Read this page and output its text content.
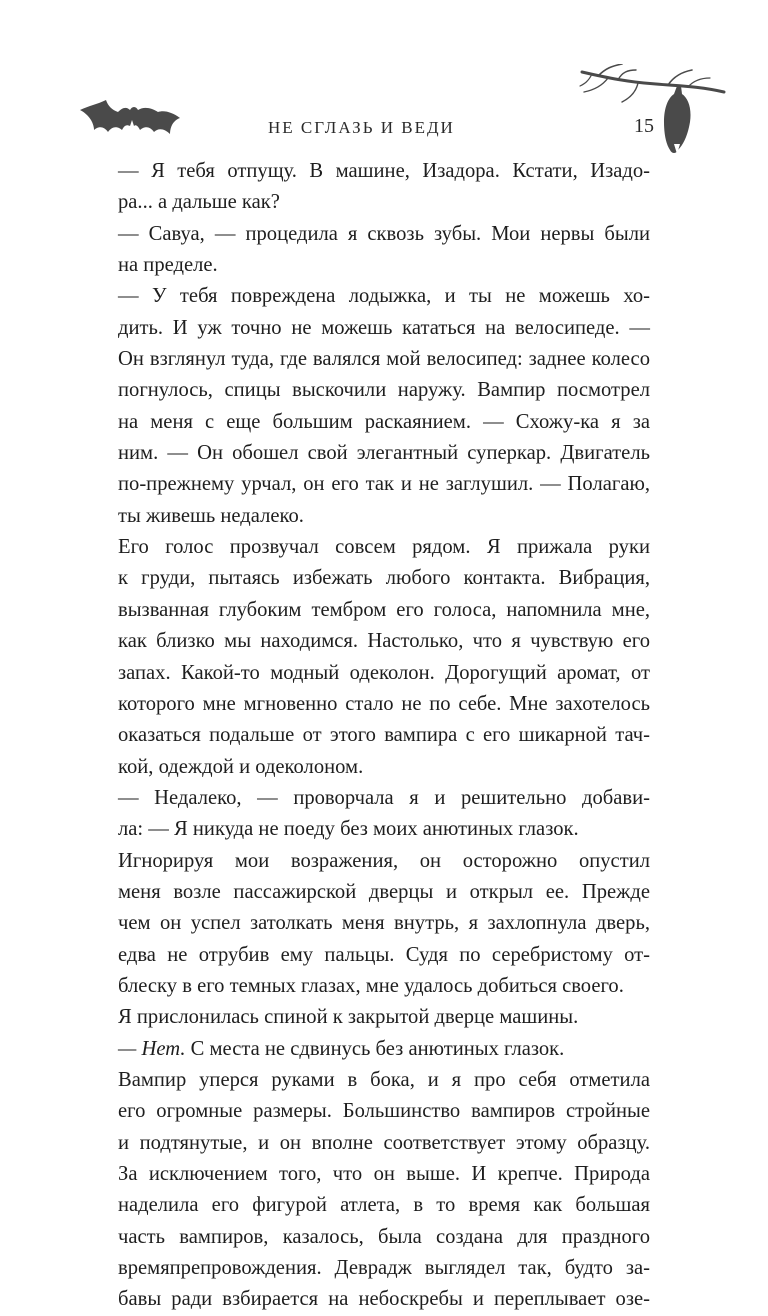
НЕ СГЛАЗЬ И ВЕДИ	15
— Я тебя отпущу. В машине, Изадора. Кстати, Изадо-
ра... а дальше как?
— Савуа, — процедила я сквозь зубы. Мои нервы были
на пределе.
— У тебя повреждена лодыжка, и ты не можешь хо-
дить. И уж точно не можешь кататься на велосипеде. —
Он взглянул туда, где валялся мой велосипед: заднее колесо
погнулось, спицы выскочили наружу. Вампир посмотрел
на меня с еще большим раскаянием. — Схожу-ка я за
ним. — Он обошел свой элегантный суперкар. Двигатель
по-прежнему урчал, он его так и не заглушил. — Полагаю,
ты живешь недалеко.
Его голос прозвучал совсем рядом. Я прижала руки
к груди, пытаясь избежать любого контакта. Вибрация,
вызванная глубоким тембром его голоса, напомнила мне,
как близко мы находимся. Настолько, что я чувствую его
запах. Какой-то модный одеколон. Дорогущий аромат, от
которого мне мгновенно стало не по себе. Мне захотелось
оказаться подальше от этого вампира с его шикарной тач-
кой, одеждой и одеколоном.
— Недалеко, — проворчала я и решительно добави-
ла: — Я никуда не поеду без моих анютиных глазок.
Игнорируя мои возражения, он осторожно опустил
меня возле пассажирской дверцы и открыл ее. Прежде
чем он успел затолкать меня внутрь, я захлопнула дверь,
едва не отрубив ему пальцы. Судя по серебристому от-
блеску в его темных глазах, мне удалось добиться своего.
Я прислонилась спиной к закрытой дверце машины.
— Нет. С места не сдвинусь без анютиных глазок.
Вампир уперся руками в бока, и я про себя отметила
его огромные размеры. Большинство вампиров стройные
и подтянутые, и он вполне соответствует этому образцу.
За исключением того, что он выше. И крепче. Природа
наделила его фигурой атлета, в то время как большая
часть вампиров, казалось, была создана для праздного
времяпрепровождения. Деврадж выглядел так, будто за-
бавы ради взбирается на небоскребы и переплывает озе-
